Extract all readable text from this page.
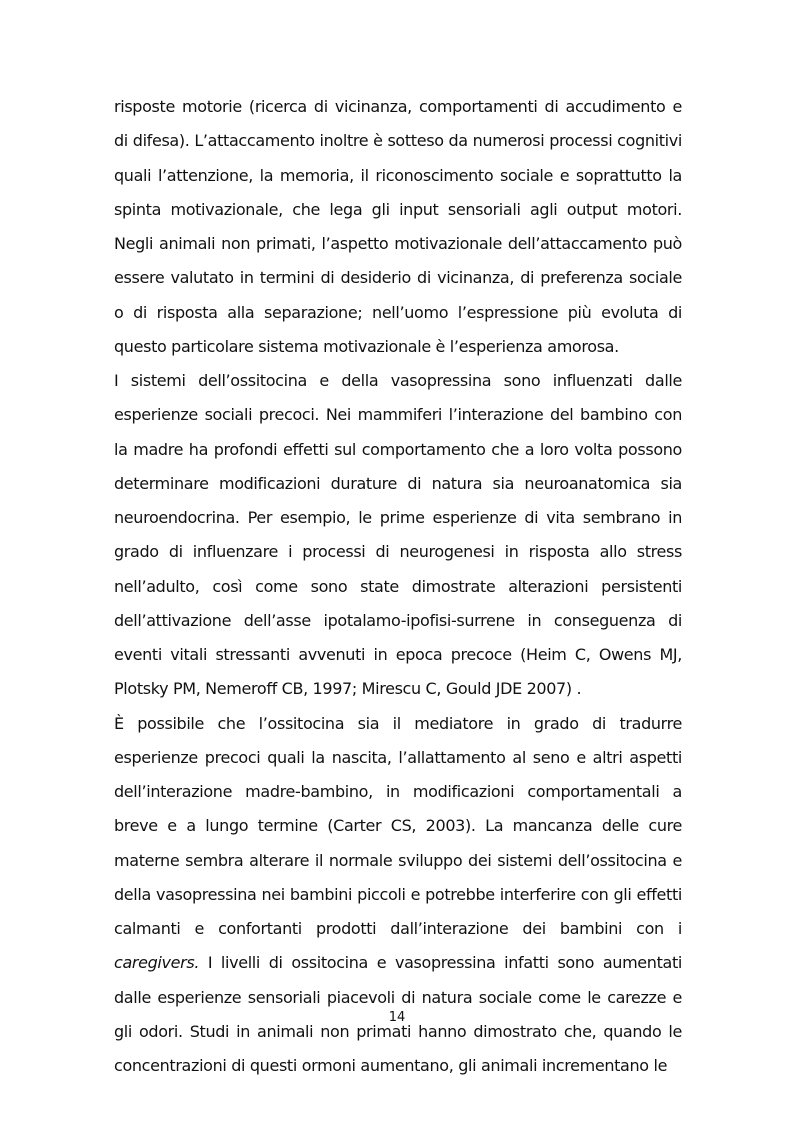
risposte motorie (ricerca di vicinanza, comportamenti di accudimento e di difesa). L’attaccamento inoltre è sotteso da numerosi processi cognitivi quali l’attenzione, la memoria, il riconoscimento sociale e soprattutto la spinta motivazionale, che lega gli input sensoriali agli output motori. Negli animali non primati, l’aspetto motivazionale dell’attaccamento può essere valutato in termini di desiderio di vicinanza, di preferenza sociale o di risposta alla separazione; nell’uomo l’espressione più evoluta di questo particolare sistema motivazionale è l’esperienza amorosa.

I sistemi dell’ossitocina e della vasopressina sono influenzati dalle esperienze sociali precoci. Nei mammiferi l’interazione del bambino con la madre ha profondi effetti sul comportamento che a loro volta possono determinare modificazioni durature di natura sia neuroanatomica sia neuroendocrina. Per esempio, le prime esperienze di vita sembrano in grado di influenzare i processi di neurogenesi in risposta allo stress nell’adulto, così come sono state dimostrate alterazioni persistenti dell’attivazione dell’asse ipotalamo-ipofisi-surrene in conseguenza di eventi vitali stressanti avvenuti in epoca precoce (Heim C, Owens MJ, Plotsky PM, Nemeroff CB, 1997; Mirescu C, Gould JDE 2007) .

È possibile che l’ossitocina sia il mediatore in grado di tradurre esperienze precoci quali la nascita, l’allattamento al seno e altri aspetti dell’interazione madre-bambino, in modificazioni comportamentali a breve e a lungo termine (Carter CS, 2003). La mancanza delle cure materne sembra alterare il normale sviluppo dei sistemi dell’ossitocina e della vasopressina nei bambini piccoli e potrebbe interferire con gli effetti calmanti e confortanti prodotti dall’interazione dei bambini con i caregivers. I livelli di ossitocina e vasopressina infatti sono aumentati dalle esperienze sensoriali piacevoli di natura sociale come le carezze e gli odori. Studi in animali non primati hanno dimostrato che, quando le concentrazioni di questi ormoni aumentano, gli animali incrementano le

14
